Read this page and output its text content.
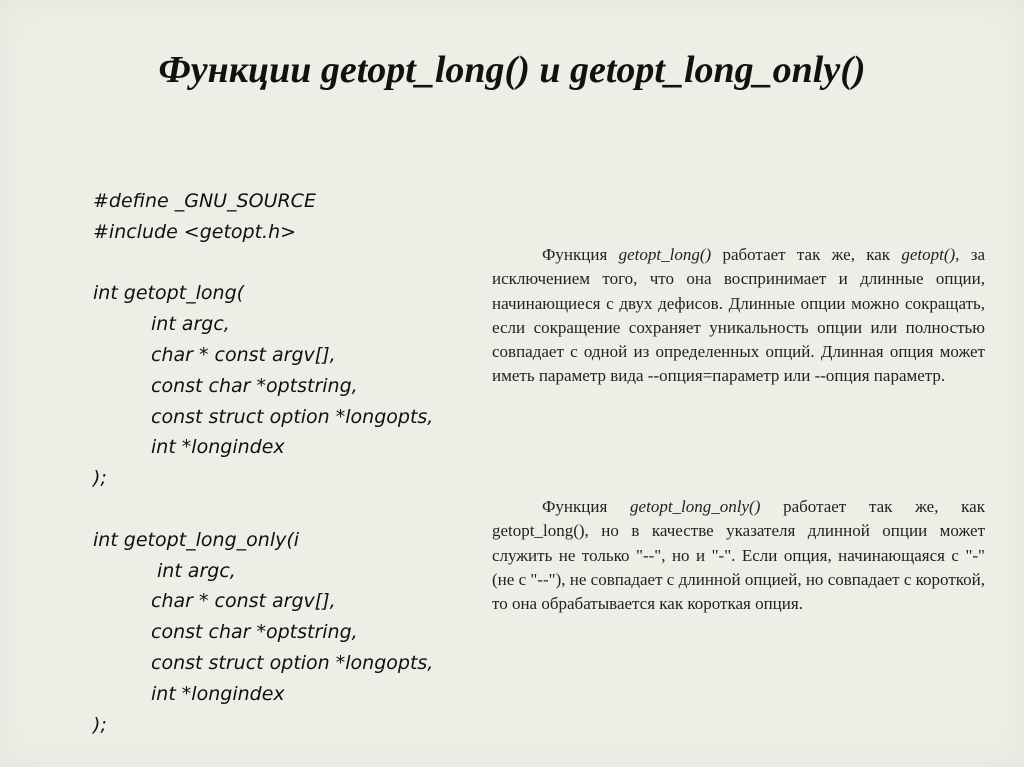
Функции getopt_long() и getopt_long_only()
#define _GNU_SOURCE
#include <getopt.h>
int getopt_long(
int argc,
char * const argv[],
const char *optstring,
const struct option *longopts,
int *longindex
);
int getopt_long_only(i
int argc,
char * const argv[],
const char *optstring,
const struct option *longopts,
int *longindex
);

Функция getopt_long() работает так же, как getopt(), за исключением того, что она воспринимает и длинные опции, начинающиеся с двух дефисов. Длинные опции можно сокращать, если сокращение сохраняет уникальность опции или полностью совпадает с одной из определенных опций. Длинная опция может иметь параметр вида --опция=параметр или --опция параметр.

Функция getopt_long_only() работает так же, как getopt_long(), но в качестве указателя длинной опции может служить не только "--", но и "-". Если опция, начинающаяся с "-" (не с "--"), не совпадает с длинной опцией, но совпадает с короткой, то она обрабатывается как короткая опция.
